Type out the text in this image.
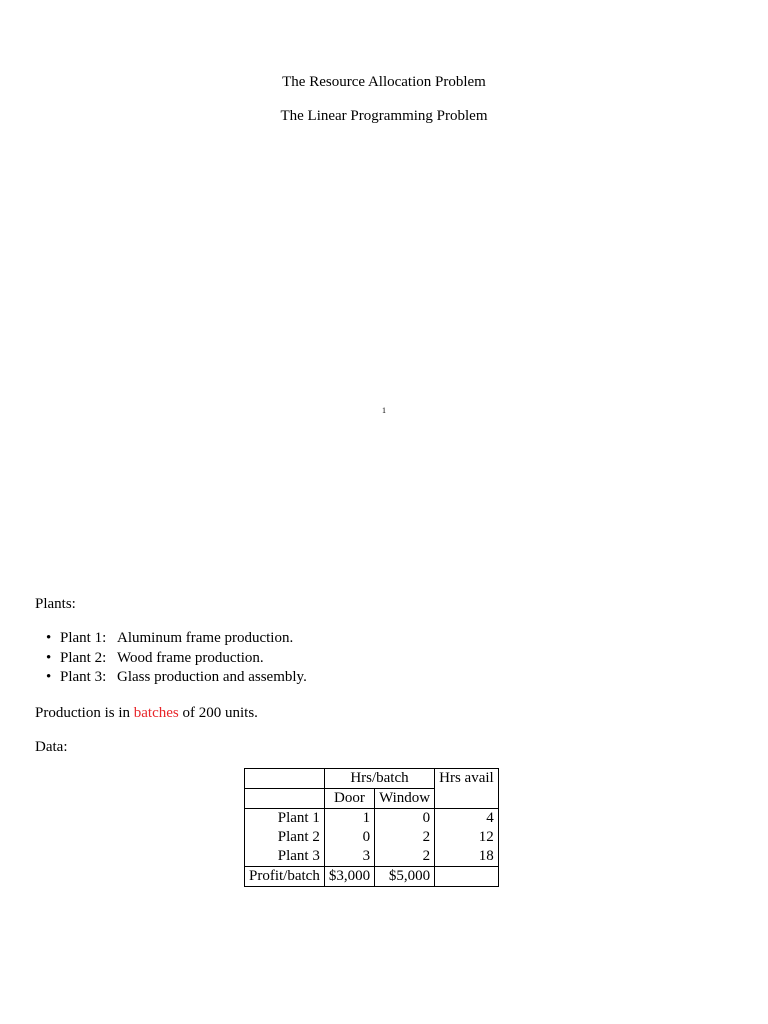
The Resource Allocation Problem
The Linear Programming Problem
1
Plants:
• Plant 1: Aluminum frame production.
• Plant 2: Wood frame production.
• Plant 3: Glass production and assembly.
Production is in batches of 200 units.
Data:
	Hrs/batch		Hrs avail
	Door	Window	
Plant 1	1	0	4
Plant 2	0	2	12
Plant 3	3	2	18
Profit/batch	$3,000	$5,000	
